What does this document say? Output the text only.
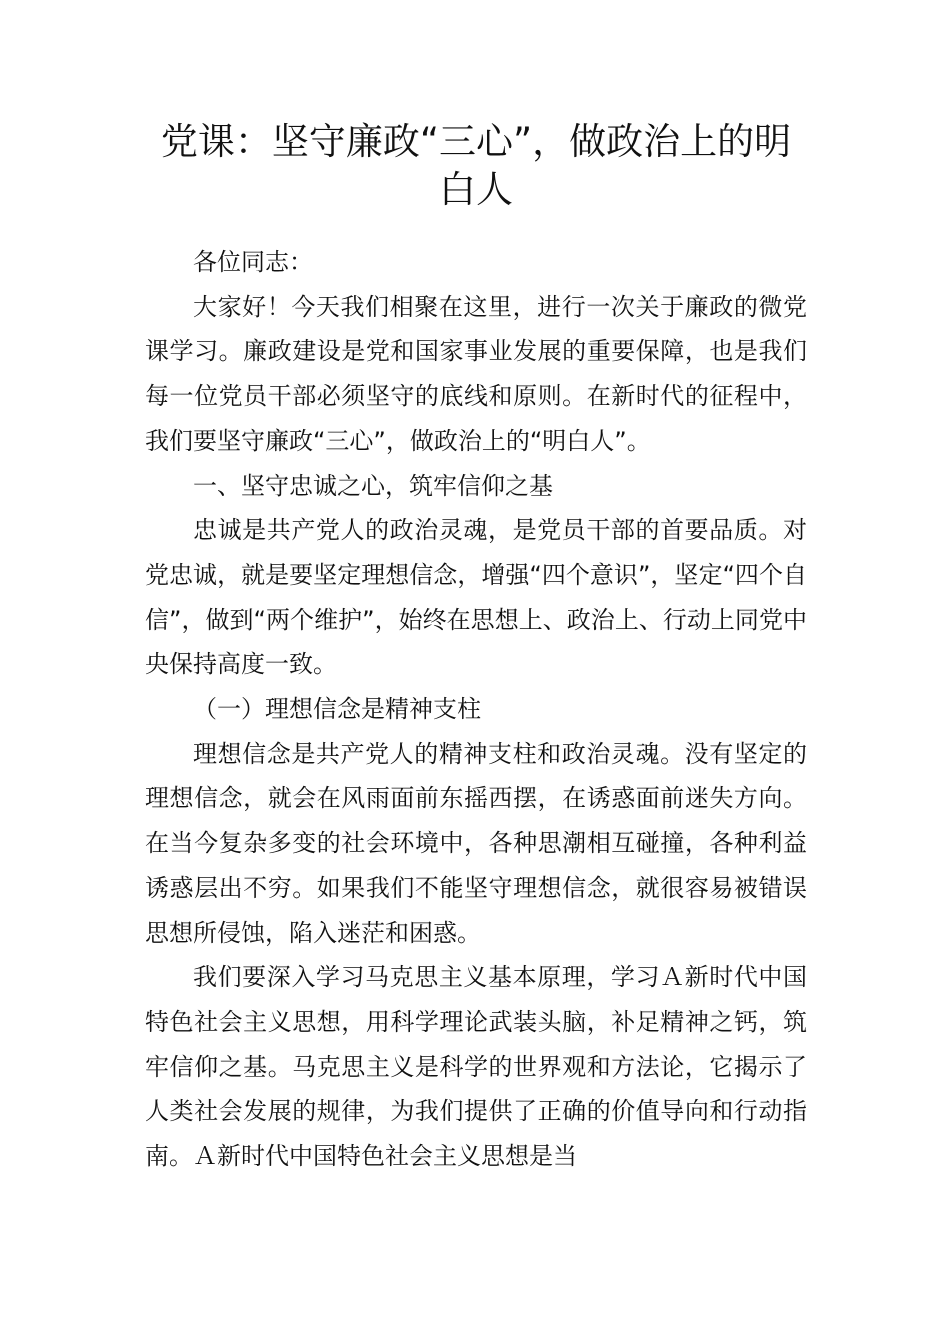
党课：坚守廉政“三心”，做政治上的明白人

各位同志：

大家好！今天我们相聚在这里，进行一次关于廉政的微党课学习。廉政建设是党和国家事业发展的重要保障，也是我们每一位党员干部必须坚守的底线和原则。在新时代的征程中，我们要坚守廉政“三心”，做政治上的“明白人”。

一、坚守忠诚之心，筑牢信仰之基

忠诚是共产党人的政治灵魂，是党员干部的首要品质。对党忠诚，就是要坚定理想信念，增强“四个意识”，坚定“四个自信”，做到“两个维护”，始终在思想上、政治上、行动上同党中央保持高度一致。

（一）理想信念是精神支柱

理想信念是共产党人的精神支柱和政治灵魂。没有坚定的理想信念，就会在风雨面前东摇西摆，在诱惑面前迷失方向。在当今复杂多变的社会环境中，各种思潮相互碰撞，各种利益诱惑层出不穷。如果我们不能坚守理想信念，就很容易被错误思想所侵蚀，陷入迷茫和困惑。

我们要深入学习马克思主义基本原理，学习Ａ新时代中国特色社会主义思想，用科学理论武装头脑，补足精神之钙，筑牢信仰之基。马克思主义是科学的世界观和方法论，它揭示了人类社会发展的规律，为我们提供了正确的价值导向和行动指南。Ａ新时代中国特色社会主义思想是当
